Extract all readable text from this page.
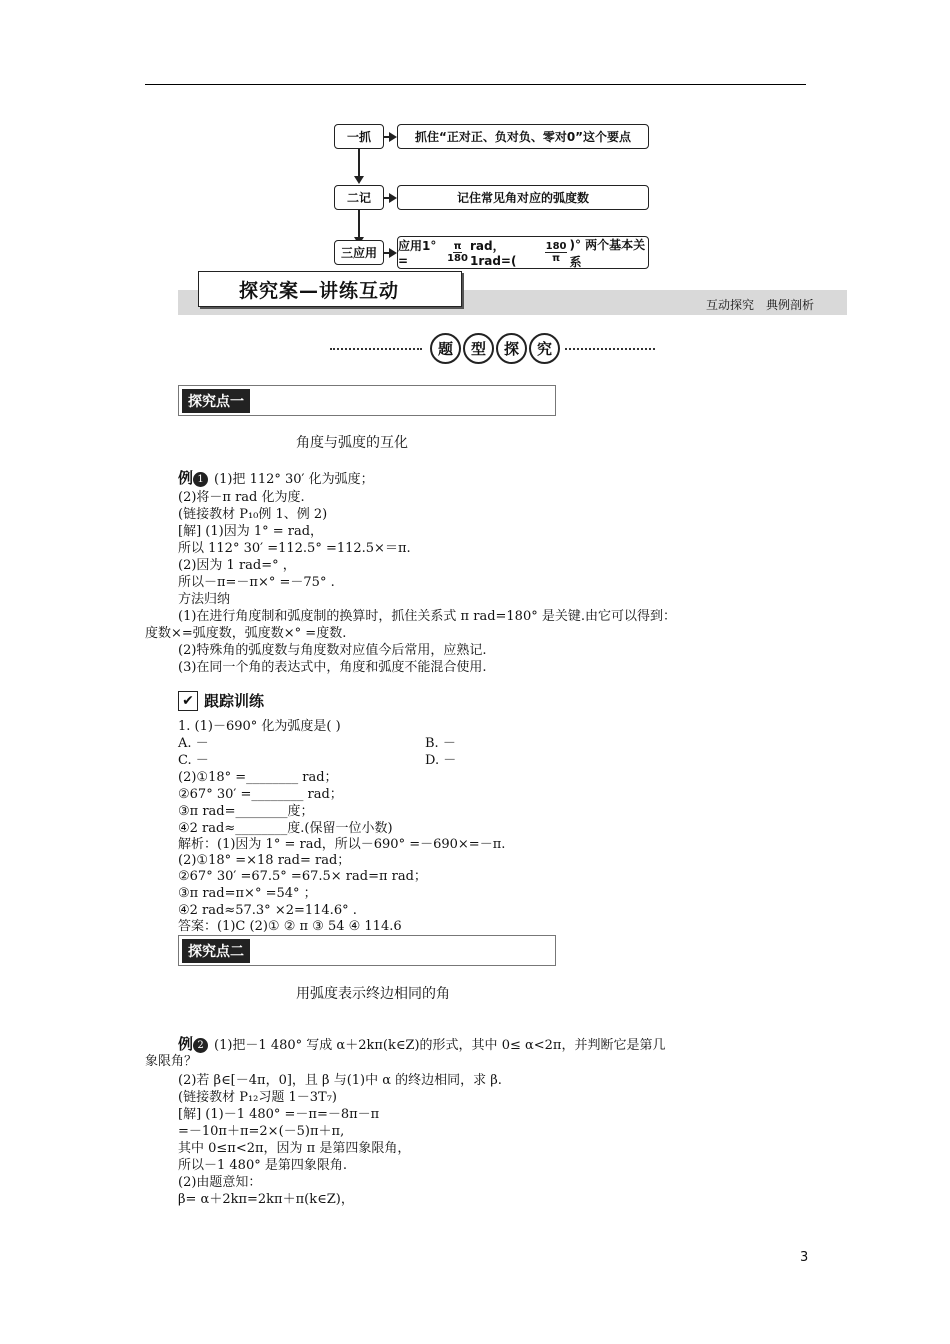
一抓	抓住“正对正、负对负、零对0”这个要点
二记	记住常见角对应的弧度数
三应用	应用1° =	$\frac{\pi}{180}$ rad，1rad=(	$\frac{180}{\pi}$ )° 两个基本关系
探究案—讲练互动
互动探究　典例剖析
题	型	探	究
探究点一
角度与弧度的互化
例 1 (1)把 112° 30′ 化为弧度；
(2)将－π rad 化为度.
(链接教材 P₁₀例 1、例 2)
[解] (1)因为 1° = rad，
所以 112° 30′ =112.5° =112.5×＝π.
(2)因为 1 rad=° ，
所以－π=－π×° =－75° .
方法归纳
(1)在进行角度制和弧度制的换算时，抓住关系式 π rad=180° 是关键.由它可以得到：
度数×=弧度数，弧度数×° =度数.
(2)特殊角的弧度数与角度数对应值今后常用，应熟记.
(3)在同一个角的表达式中，角度和弧度不能混合使用.
✔ 跟踪训练
1. (1)－690° 化为弧度是( )
A. －	B. －
C. －	D. －
(2)①18° =________ rad；
②67° 30′ =________ rad；
③π rad=________度；
④2 rad≈________度.(保留一位小数)
解析：(1)因为 1° = rad，所以－690° =－690×=－π.
(2)①18° =×18 rad= rad；
②67° 30′ =67.5° =67.5× rad=π rad；
③π rad=π×° =54° ；
④2 rad≈57.3° ×2=114.6° .
答案：(1)C (2)① ② π ③ 54 ④ 114.6
探究点二
用弧度表示终边相同的角
例 2 (1)把－1 480° 写成 α＋2kπ(k∈Z)的形式，其中 0≤ α<2π，并判断它是第几
象限角？
(2)若 β∈[－4π，0]，且 β 与(1)中 α 的终边相同，求 β.
(链接教材 P₁₂习题 1－3T₇)
[解] (1)－1 480° =－π=－8π－π
=－10π＋π=2×(－5)π＋π,
其中 0≤π<2π，因为 π 是第四象限角，
所以－1 480° 是第四象限角.
(2)由题意知：
β= α＋2kπ=2kπ＋π(k∈Z)，
3
